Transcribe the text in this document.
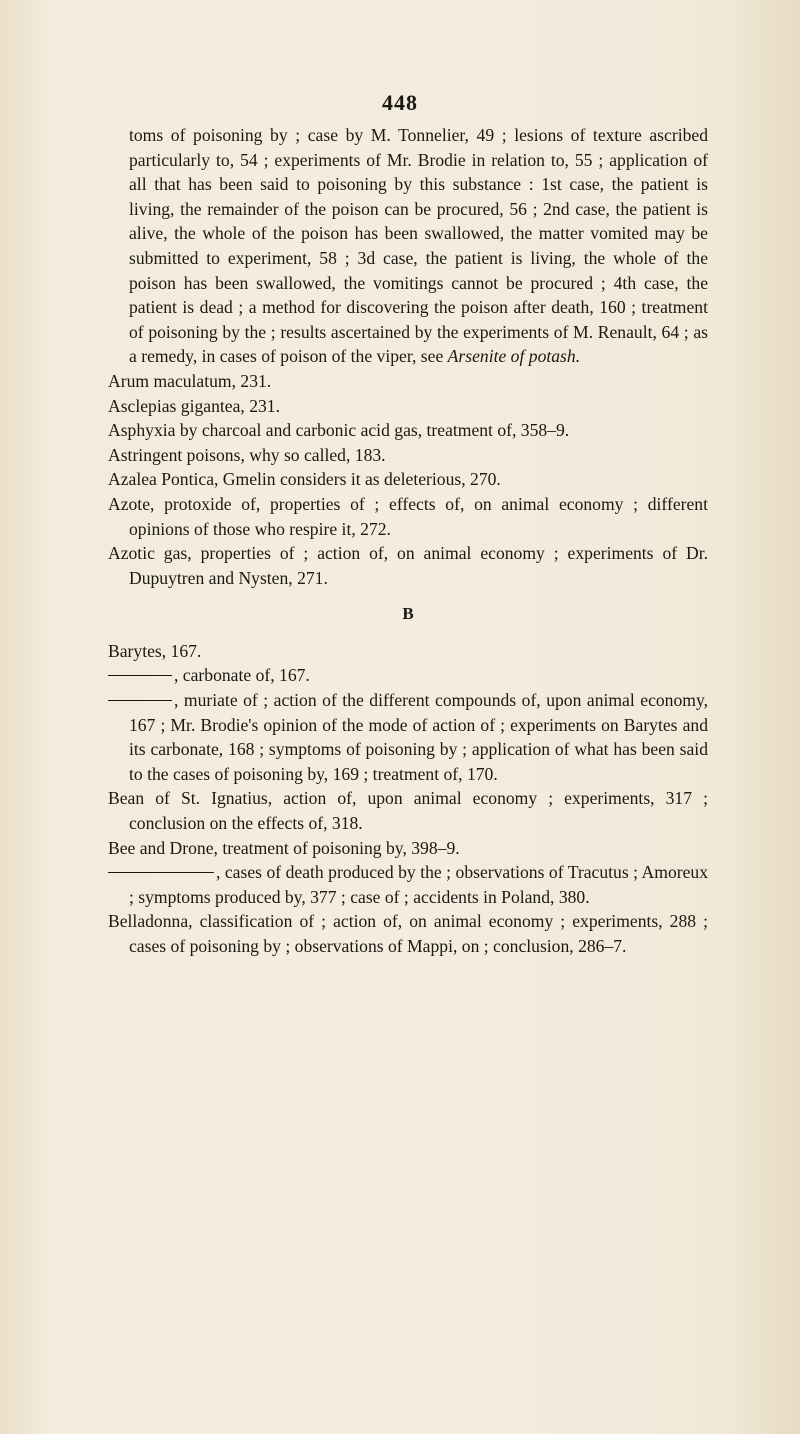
448

toms of poisoning by ; case by M. Tonnelier, 49 ; lesions of texture ascribed particularly to, 54 ; experiments of Mr. Brodie in relation to, 55 ; application of all that has been said to poisoning by this substance : 1st case, the patient is living, the remainder of the poison can be procured, 56 ; 2nd case, the patient is alive, the whole of the poison has been swallowed, the matter vomited may be submitted to experiment, 58 ; 3d case, the patient is living, the whole of the poison has been swallowed, the vomitings cannot be procured ; 4th case, the patient is dead ; a method for discovering the poison after death, 160 ; treatment of poisoning by the ; results ascertained by the experiments of M. Renault, 64 ; as a remedy, in cases of poison of the viper, see Arsenite of potash.

Arum maculatum, 231.

Asclepias gigantea, 231.

Asphyxia by charcoal and carbonic acid gas, treatment of, 358–9.

Astringent poisons, why so called, 183.

Azalea Pontica, Gmelin considers it as deleterious, 270.

Azote, protoxide of, properties of ; effects of, on animal economy ; different opinions of those who respire it, 272.

Azotic gas, properties of ; action of, on animal economy ; experiments of Dr. Dupuytren and Nysten, 271.

B

Barytes, 167.

, carbonate of, 167.

, muriate of ; action of the different compounds of, upon animal economy, 167 ; Mr. Brodie's opinion of the mode of action of ; experiments on Barytes and its carbonate, 168 ; symptoms of poisoning by ; application of what has been said to the cases of poisoning by, 169 ; treatment of, 170.

Bean of St. Ignatius, action of, upon animal economy ; experiments, 317 ; conclusion on the effects of, 318.

Bee and Drone, treatment of poisoning by, 398–9.

, cases of death produced by the ; observations of Tracutus ; Amoreux ; symptoms produced by, 377 ; case of ; accidents in Poland, 380.

Belladonna, classification of ; action of, on animal economy ; experiments, 288 ; cases of poisoning by ; observations of Mappi, on ; conclusion, 286–7.
